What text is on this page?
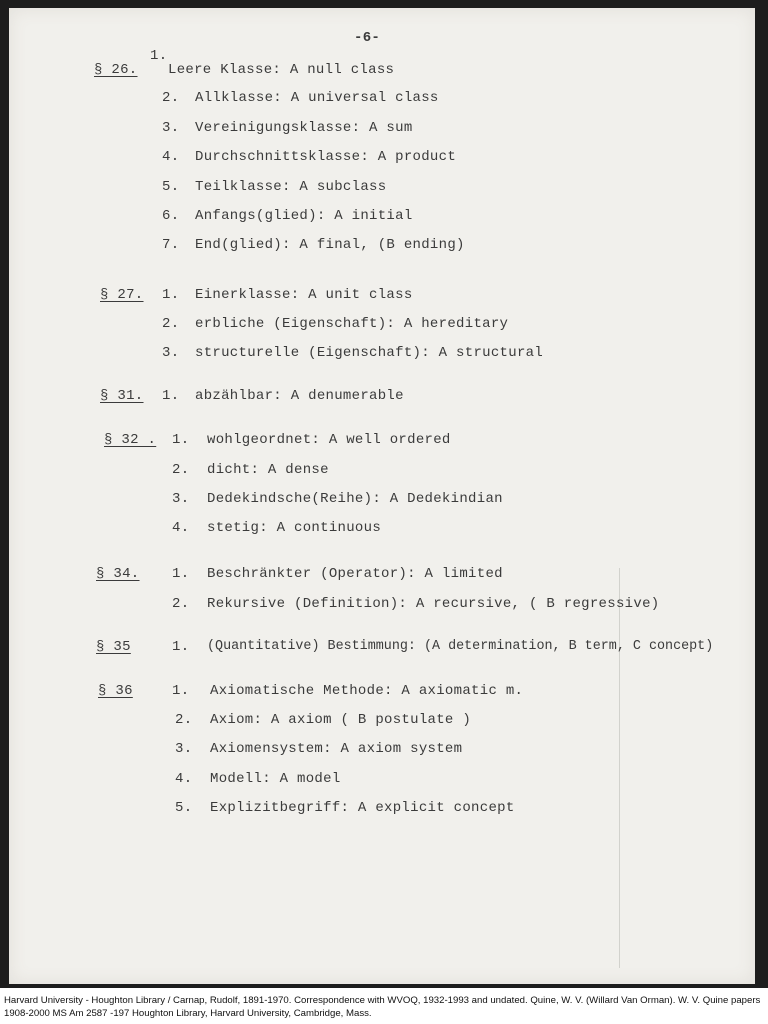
-6-
§ 26.
1.
Leere Klasse: A null class
2. Allklasse: A universal class
3. Vereinigungsklasse: A sum
4. Durchschnittsklasse: A product
5. Teilklasse: A subclass
6. Anfangs(glied): A initial
7. End(glied): A final, (B ending)
§ 27. 1. Einerklasse: A unit class
2. erbliche (Eigenschaft): A hereditary
3. structurelle (Eigenschaft): A structural
§ 31. 1. abzählbar: A denumerable
§ 32 . 1. wohlgeordnet: A well ordered
2. dicht: A dense
3. Dedekindsche(Reihe): A Dedekindian
4. stetig: A continuous
§ 34. 1. Beschränkter (Operator): A limited
2. Rekursive (Definition): A recursive, ( B regressive)
§ 35	1. (Quantitative) Bestimmung: (A determination, B term, C concept)
§ 36	1. Axiomatische Methode: A axiomatic m.
2. Axiom: A axiom ( B postulate )
3. Axiomensystem: A axiom system
4. Modell: A model
5. Explizitbegriff: A explicit concept
Harvard University - Houghton Library / Carnap, Rudolf, 1891-1970. Correspondence with WVOQ, 1932-1993 and undated. Quine, W. V. (Willard Van Orman). W. V. Quine papers 1908-2000 MS Am 2587 -197 Houghton Library, Harvard University, Cambridge, Mass.
